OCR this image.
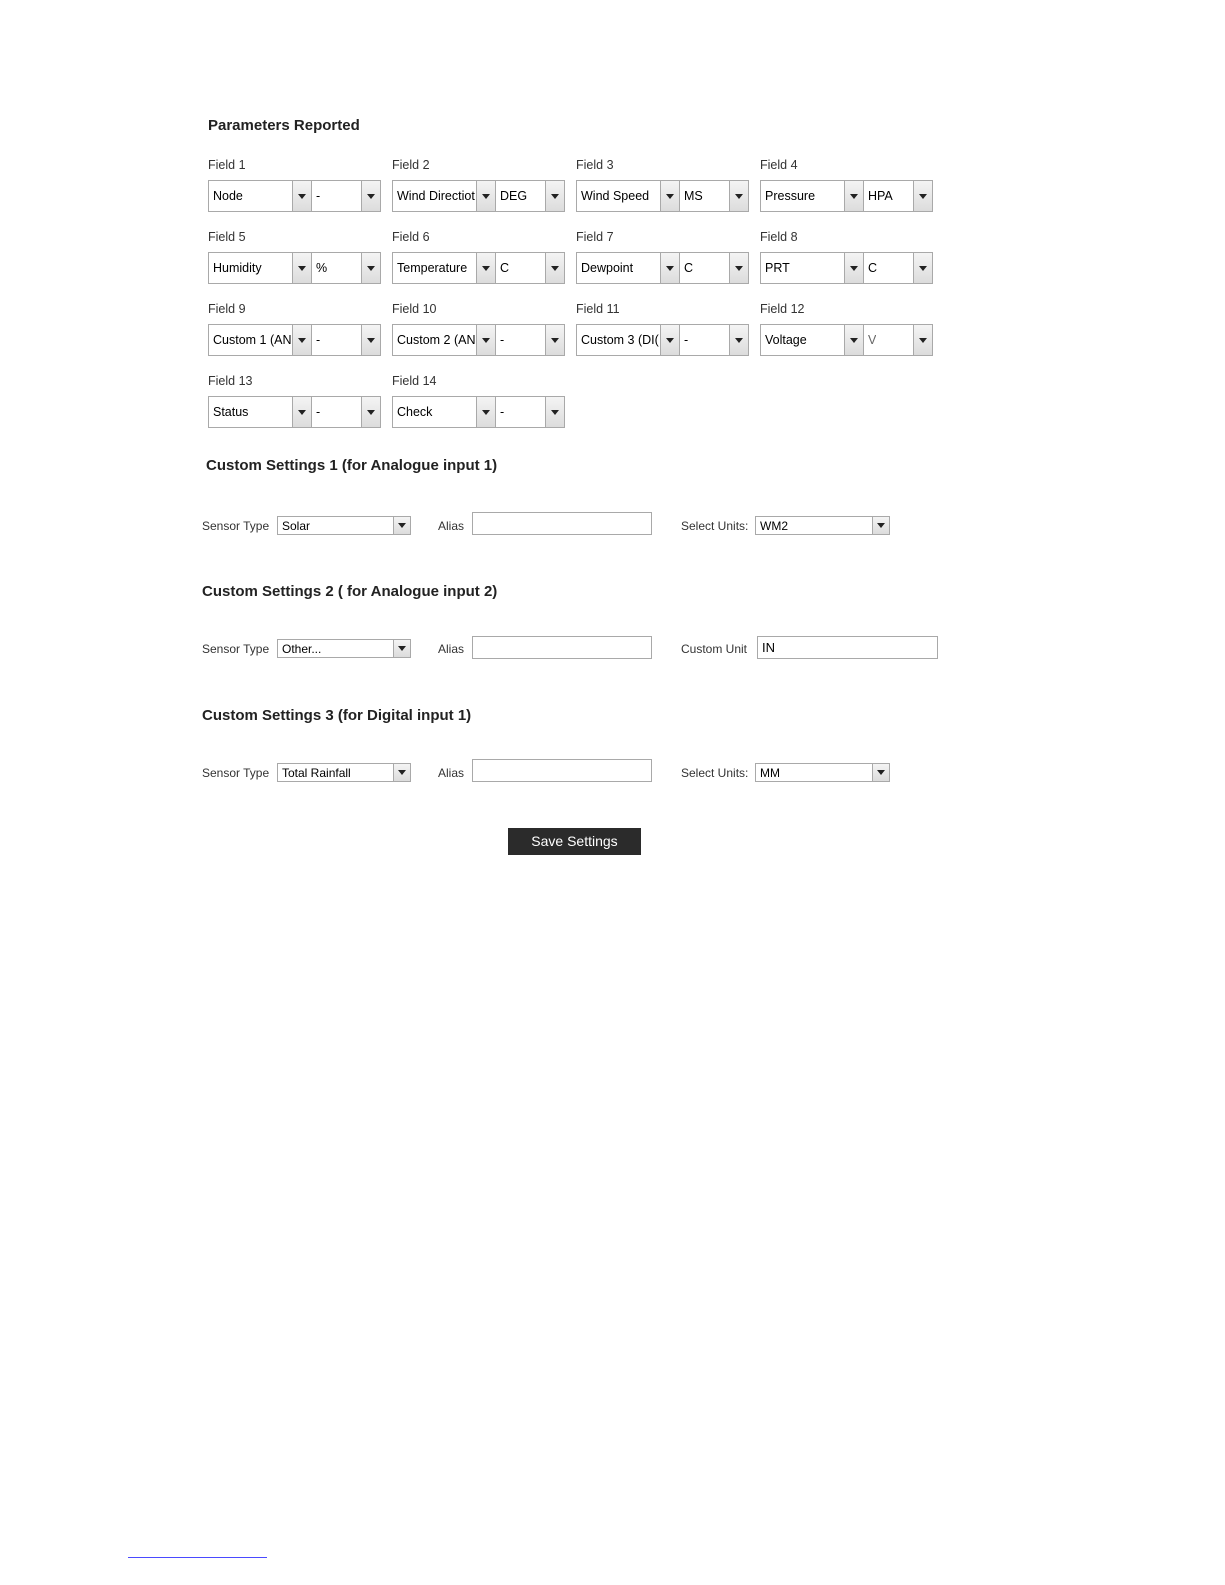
Parameters Reported
Field 1
Node	-
Field 2
Wind Directiot DEG
Field 3
Wind Speed	MS
Field 4
Pressure	HPA
Field 5
Humidity	%
Field 6
Temperature	C
Field 7
Dewpoint	C
Field 8
PRT	C
Field 9
Custom 1 (AN -
Field 10
Custom 2 (AN -
Field 11
Custom 3 (DI( -
Field 12
Voltage	V
Field 13
Status	-
Field 14
Check	-
Custom Settings 1 (for Analogue input 1)
Sensor Type Solar	Alias	Select Units: WM2
Custom Settings 2 ( for Analogue input 2)
Sensor Type Other...	Alias	Custom Unit
IN
Custom Settings 3 (for Digital input 1)
Sensor Type Total Rainfall	Alias	Select Units: MM
Save Settings
